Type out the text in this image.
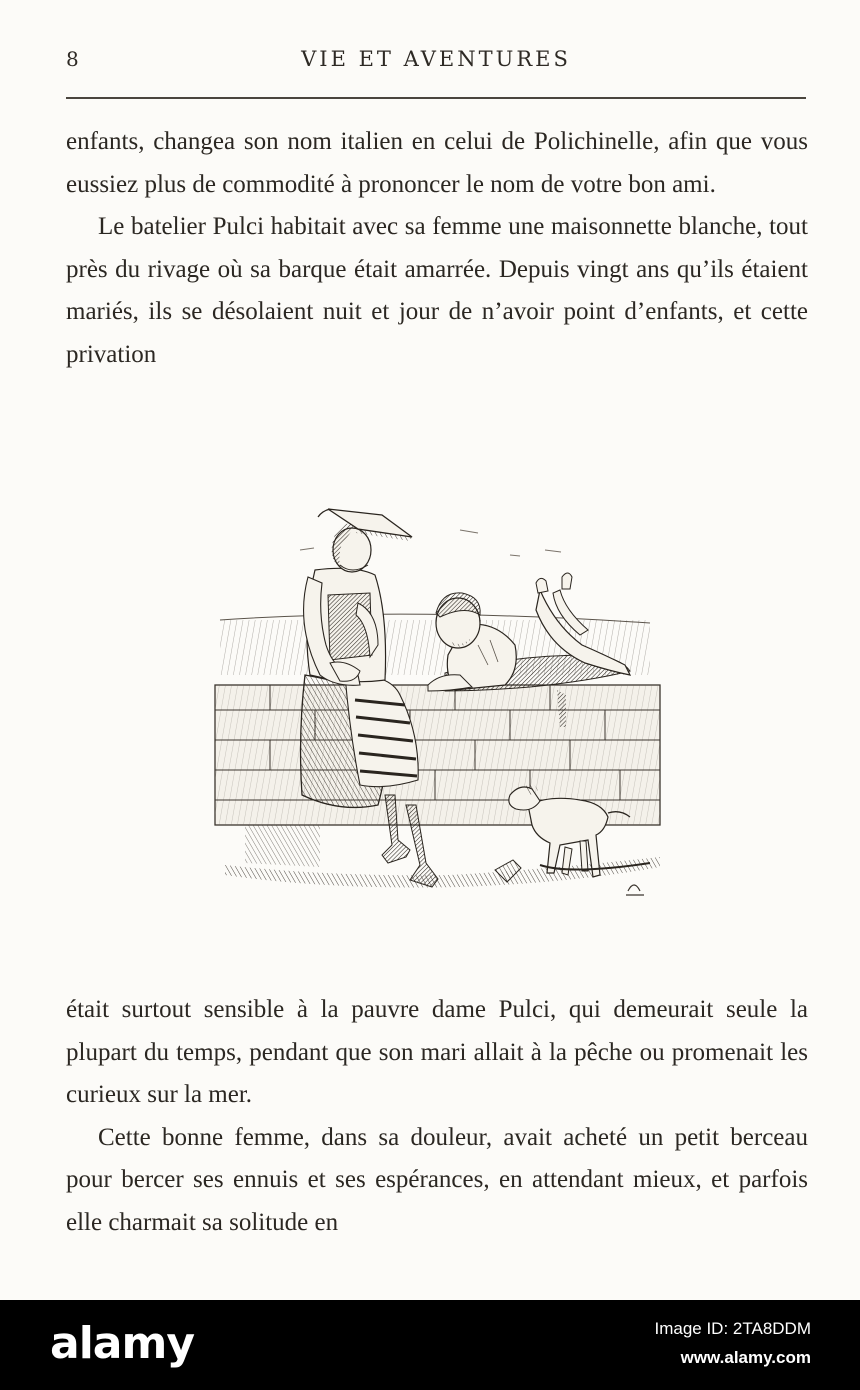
8	VIE ET AVENTURES

enfants, changea son nom italien en celui de Polichinelle, afin que vous eussiez plus de commodité à prononcer le nom de votre bon ami.

Le batelier Pulci habitait avec sa femme une maisonnette blanche, tout près du rivage où sa barque était amarrée. Depuis vingt ans qu’ils étaient mariés, ils se désolaient nuit et jour de n’avoir point d’enfants, et cette privation

était surtout sensible à la pauvre dame Pulci, qui demeurait seule la plupart du temps, pendant que son mari allait à la pêche ou promenait les curieux sur la mer.

Cette bonne femme, dans sa douleur, avait acheté un petit berceau pour bercer ses ennuis et ses espérances, en attendant mieux, et parfois elle charmait sa solitude en

alamy	Image ID: 2TA8DDM
www.alamy.com
